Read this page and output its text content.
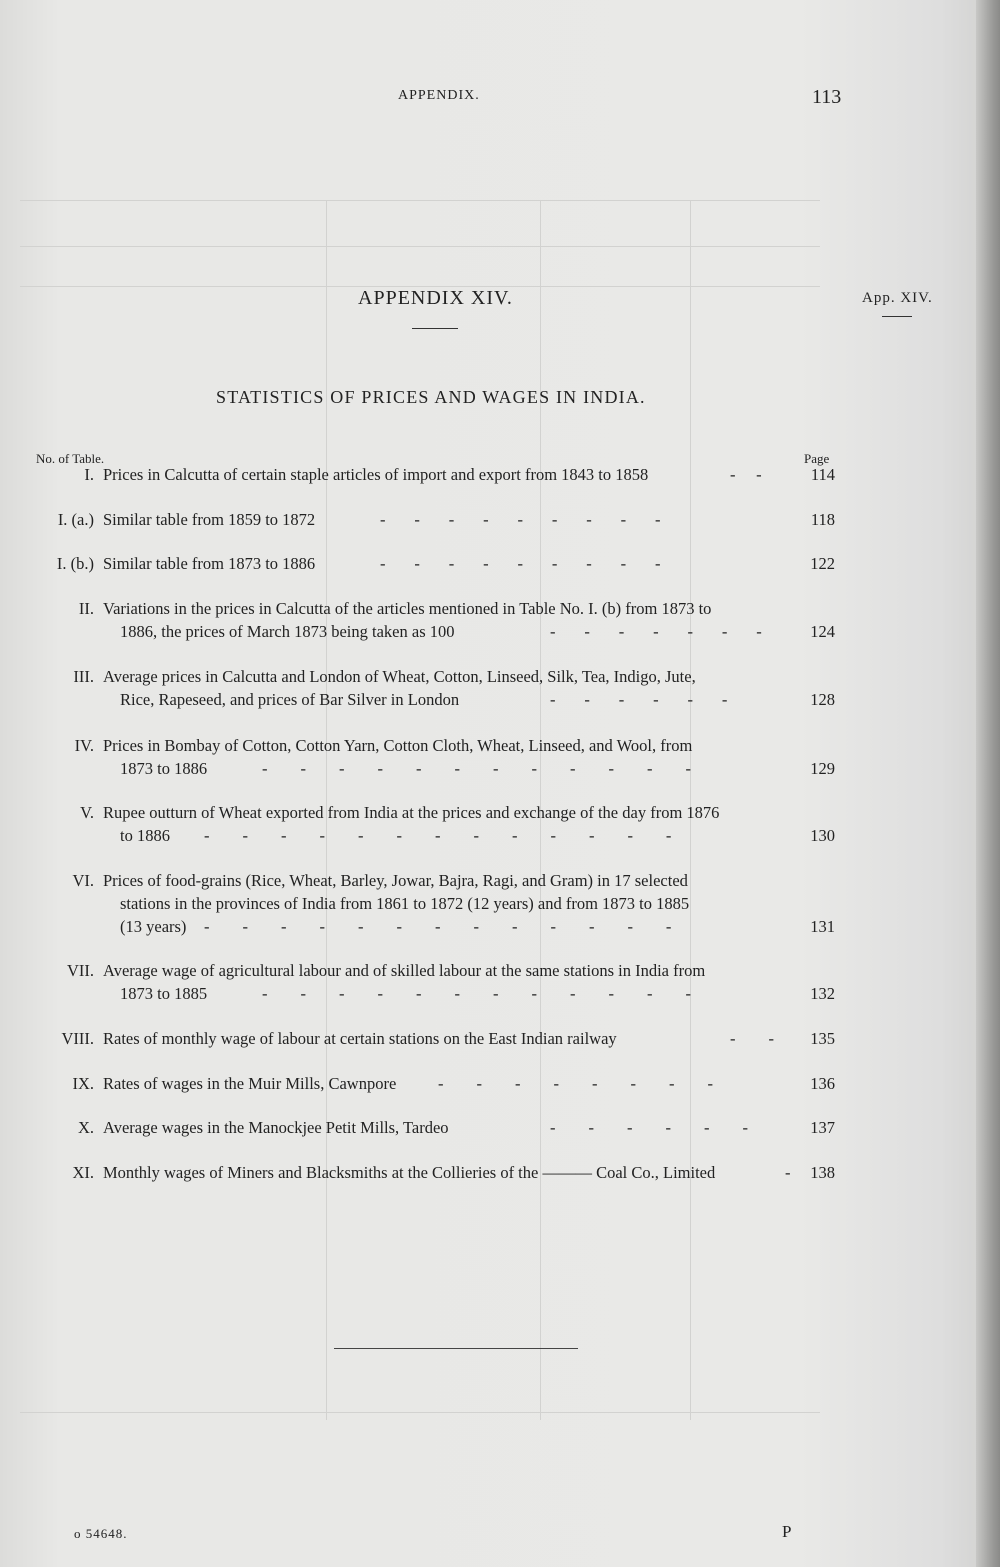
APPENDIX.	113
APPENDIX XIV.	App. XIV.
STATISTICS OF PRICES AND WAGES IN INDIA.
No. of Table.	Page
I. Prices in Calcutta of certain staple articles of import and export from 1843 to 1858	-     -	114
I. (a.) Similar table from 1859 to 1872	-       -       -       -       -       -       -       -       -	118
I. (b.) Similar table from 1873 to 1886	-       -       -       -       -       -       -       -       -	122
II. Variations in the prices in Calcutta of the articles mentioned in Table No. I. (b) from 1873 to
1886, the prices of March 1873 being taken as 100	-       -       -       -       -       -       -	124
III. Average prices in Calcutta and London of Wheat, Cotton, Linseed, Silk, Tea, Indigo, Jute,
Rice, Rapeseed, and prices of Bar Silver in London	-       -       -       -       -       -	128
IV. Prices in Bombay of Cotton, Cotton Yarn, Cotton Cloth, Wheat, Linseed, and Wool, from
1873 to 1886	-        -        -        -        -        -        -        -        -        -        -        -	129
V. Rupee outturn of Wheat exported from India at the prices and exchange of the day from 1876
to 1886 -        -        -        -        -        -        -        -        -        -        -        -        -	130
VI. Prices of food-grains (Rice, Wheat, Barley, Jowar, Bajra, Ragi, and Gram) in 17 selected
stations in the provinces of India from 1861 to 1872 (12 years) and from 1873 to 1885
(13 years) -        -        -        -        -        -        -        -        -        -        -        -        -	131
VII. Average wage of agricultural labour and of skilled labour at the same stations in India from
1873 to 1885	-        -        -        -        -        -        -        -        -        -        -        -	132
VIII. Rates of monthly wage of labour at certain stations on the East Indian railway	-        -	135
IX. Rates of wages in the Muir Mills, Cawnpore	-        -        -        -        -        -        -        -	136
X. Average wages in the Manockjee Petit Mills, Tardeo	-        -        -        -        -        -	137
XI. Monthly wages of Miners and Blacksmiths at the Collieries of the ——— Coal Co., Limited	-	138
o 54648.	P
